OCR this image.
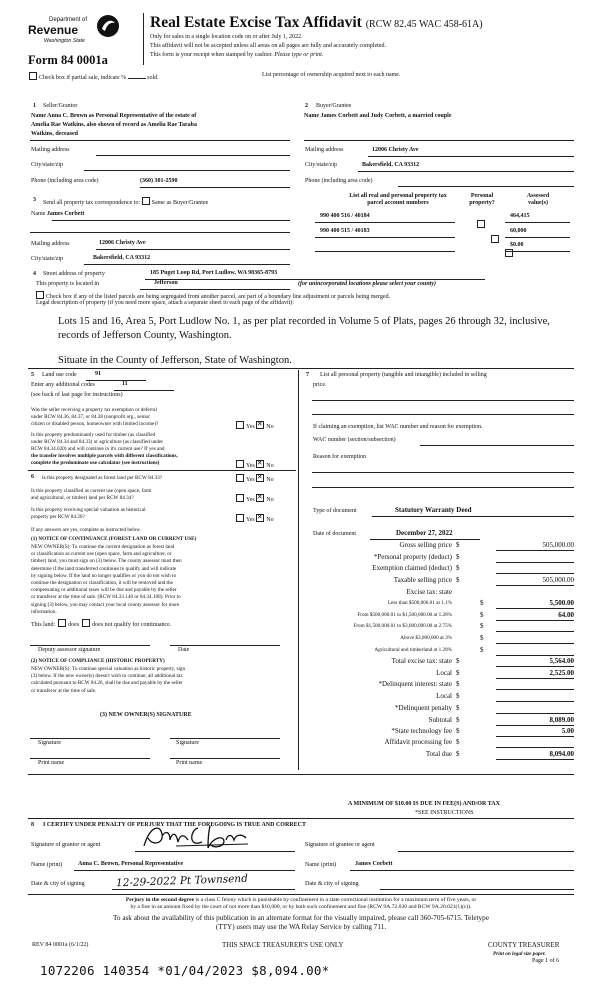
Department of
Revenue
Washington State
Form 84 0001a
Check box if partial sale, indicate %	sold.	List percentage of ownership acquired next to each name.
Real Estate Excise Tax Affidavit (RCW 82.45 WAC 458-61A)
Only for sales in a single location code on or after July 1, 2022.
This affidavit will not be accepted unless all areas on all pages are fully and accurately completed.
This form is your receipt when stamped by cashier. Please type or print.
1 Seller/Grantor
Name Anna C. Brown as Personal Representative of the estate of
Amelia Rae Watkins, also shown of record as Amelia Rae Taraba
Watkins, deceased
Mailing address
City/state/zip
Phone (including area code)	(360) 301-2590
2 Buyer/Grantee
Name James Corbett and Judy Corbett, a married couple
Mailing address	12006 Christy Ave
City/state/zip	Bakersfield, CA 93312
Phone (including area code)
3 Send all property tax correspondence to: Same as Buyer/Grantee
Name James Corbett
Mailing address	12006 Christy Ave
City/state/zip	Bakersfield, CA 93312
List all real and personal property tax
parcel account numbers
Personal
property?
Assessed
value(s)
990 400 516 / 40184
	464,415
990 400 515 / 40183
	60,000
$0.00
4 Street address of property	185 Puget Loop Rd, Port Ludlow, WA 98365-8793
This property is located in	Jefferson	(for unincorporated locations please select your county)
Check box if any of the listed parcels are being segregated from another parcel, are part of a boundary line adjustment or parcels being merged.
Legal description of property (if you need more space, attach a separate sheet to each page of the affidavit):
Lots 15 and 16, Area 5, Port Ludlow No. 1, as per plat recorded in Volume 5 of Plats, pages 26 through 32, inclusive,
records of Jefferson County, Washington.
Situate in the County of Jefferson, State of Washington.
5 Land use code	91
Enter any additional codes	11
(see back of last page for instructions)
Was the seller receiving a property tax exemption or deferral
under RCW 84.36, 84.37, or 84.38 (nonprofit org., senior
citizen or disabled person, homeowner with limited income)?	Yes ✕ No
Is this property predominantly used for timber (as classified
under RCW 84.34 and 84.33) or agriculture (as classified under
RCW 84.34.020) and will continue in it's current use? If yes and
the transfer involves multiple parcels with different classifications,
complete the predominate use calculator (see instructions)	Yes ✕ No
6 Is this property designated as forest land per RCW 84.33?	Yes ✕ No
Is this property classified as current use (open space, farm
and agricultural, or timber) land per RCW 84.34?	Yes ✕ No
Is this property receiving special valuation as historical
property per RCW 84.26?	Yes ✕ No
If any answers are yes, complete as instructed below.
(1) NOTICE OF CONTINUANCE (FOREST LAND OR CURRENT USE)
NEW OWNER(S): To continue the current designation as forest land
or classification as current use (open space, farm and agriculture, or
timber) land, you must sign on (3) below. The county assessor must then
determine if the land transferred continues to qualify and will indicate
by signing below. If the land no longer qualifies or you do not wish to
continue the designation or classification, it will be removed and the
compensating or additional taxes will be due and payable by the seller
or transferor at the time of sale. (RCW 84.33.140 or 84.34.108). Prior to
signing (3) below, you may contact your local county assessor for more
information.
This land: does does not qualify for continuance.
Deputy assessor signature	Date
(2) NOTICE OF COMPLIANCE (HISTORIC PROPERTY)
NEW OWNER(S): To continue special valuation as historic property, sign
(3) below. If the new owner(s) doesn't wish to continue, all additional tax
calculated pursuant to RCW 84.26, shall be due and payable by the seller
or transferor at the time of sale.
(3) NEW OWNER(S) SIGNATURE
Signature	Signature
Print name	Print name
7 List all personal property (tangible and intangible) included in selling
price.
If claiming an exemption, list WAC number and reason for exemption.
WAC number (section/subsection)
Reason for exemption
Type of document	Statutory Warranty Deed
Date of document	December 27, 2022
Gross selling price $	505,000.00
*Personal property (deduct) $
Exemption claimed (deduct) $
Taxable selling price $	505,000.00
Excise tax: state
Less than $500,000.01 at 1.1%	$	5,500.00
From $500,000.01 to $1,500,000.00 at 1.28%	$	64.00
From $1,500,000.01 to $3,000,000.00 at 2.75%	$
Above $3,000,000 at 3%	$
Agricultural and timberland at 1.28%	$
Total excise tax: state $	5,564.00
Local $	2,525.00
*Delinquent interest: state $
Local $
*Delinquent penalty $
Subtotal $	8,089.00
*State technology fee $	5.00
Affidavit processing fee $
Total due $	8,094.00
A MINIMUM OF $10.00 IS DUE IN FEE(S) AND/OR TAX
*SEE INSTRUCTIONS
8 I CERTIFY UNDER PENALTY OF PERJURY THAT THE FOREGOING IS TRUE AND CORRECT
Signature of grantor or agent
Name (print)	Anna C. Brown, Personal Representative
Date & city of signing	12-29-2022 Pt Townsend
Signature of grantee or agent
Name (print)	James Corbett
Date & city of signing
Perjury in the second degree is a class C felony which is punishable by confinement in a state correctional institution for a maximum term of five years, or
by a fine in an amount fixed by the court of not more than $10,000, or by both such confinement and fine (RCW 9A.72.030 and RCW 9A.20.021(1)(c)).
To ask about the availability of this publication in an alternate format for the visually impaired, please call 360-705-6715. Teletype
(TTY) users may use the WA Relay Service by calling 711.
REV 84 0001a (6/1/22)	THIS SPACE TREASURER'S USE ONLY	COUNTY TREASURER
Print on legal size paper.
Page 1 of 6
1072206 140354 *01/04/2023 $8,094.00*
